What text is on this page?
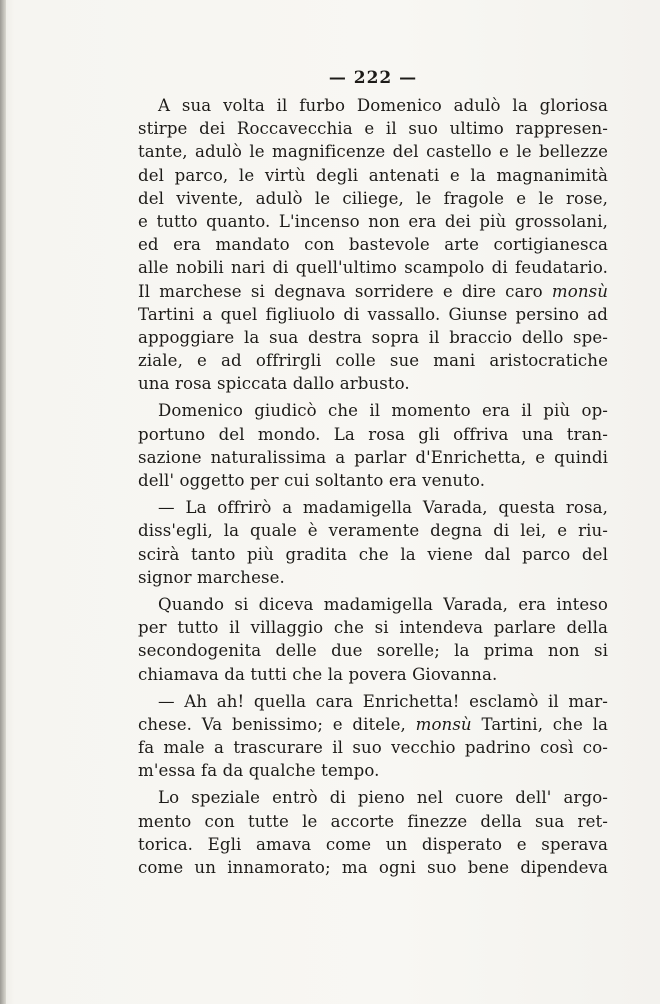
— 222 —
A sua volta il furbo Domenico adulò la gloriosa
stirpe dei Roccavecchia e il suo ultimo rappresen-
tante, adulò le magnificenze del castello e le bellezze
del parco, le virtù degli antenati e la magnanimità
del vivente, adulò le ciliege, le fragole e le rose,
e tutto quanto. L'incenso non era dei più grossolani,
ed era mandato con bastevole arte cortigianesca
alle nobili nari di quell'ultimo scampolo di feudatario.
Il marchese si degnava sorridere e dire caro monsù
Tartini a quel figliuolo di vassallo. Giunse persino ad
appoggiare la sua destra sopra il braccio dello spe-
ziale, e ad offrirgli colle sue mani aristocratiche
una rosa spiccata dallo arbusto.
Domenico giudicò che il momento era il più op-
portuno del mondo. La rosa gli offriva una tran-
sazione naturalissima a parlar d'Enrichetta, e quindi
dell' oggetto per cui soltanto era venuto.
— La offrirò a madamigella Varada, questa rosa,
diss'egli, la quale è veramente degna di lei, e riu-
scirà tanto più gradita che la viene dal parco del
signor marchese.
Quando si diceva madamigella Varada, era inteso
per tutto il villaggio che si intendeva parlare della
secondogenita delle due sorelle; la prima non si
chiamava da tutti che la povera Giovanna.
— Ah ah! quella cara Enrichetta! esclamò il mar-
chese. Va benissimo; e ditele, monsù Tartini, che la
fa male a trascurare il suo vecchio padrino così co-
m'essa fa da qualche tempo.
Lo speziale entrò di pieno nel cuore dell' argo-
mento con tutte le accorte finezze della sua ret-
torica. Egli amava come un disperato e sperava
come un innamorato; ma ogni suo bene dipendeva
